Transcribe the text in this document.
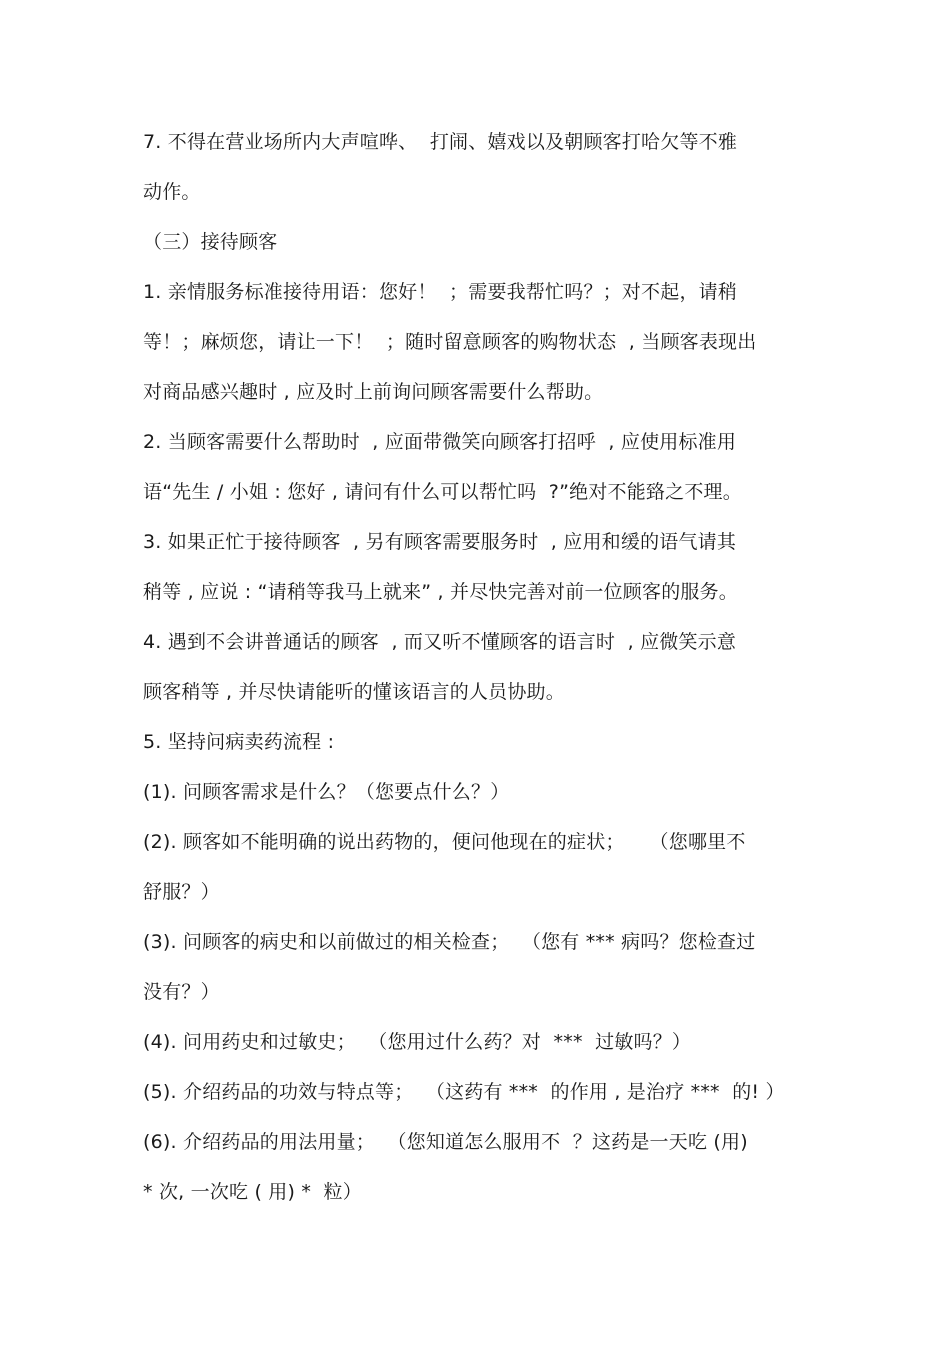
7. 不得在营业场所内大声喧哗、  打闹、嬉戏以及朝顾客打哈欠等不雅
动作。
（三）接待顾客
1. 亲情服务标准接待用语：您好！  ；需要我帮忙吗？；对不起，请稍
等！；麻烦您，请让一下！  ；随时留意顾客的购物状态  , 当顾客表现出
对商品感兴趣时 , 应及时上前询问顾客需要什么帮助。
2. 当顾客需要什么帮助时  , 应面带微笑向顾客打招呼  , 应使用标准用
语“先生 / 小姐 : 您好 , 请问有什么可以帮忙吗  ?”绝对不能臵之不理。
3. 如果正忙于接待顾客  , 另有顾客需要服务时  , 应用和缓的语气请其
稍等 , 应说 : “请稍等我马上就来” , 并尽快完善对前一位顾客的服务。
4. 遇到不会讲普通话的顾客  , 而又听不懂顾客的语言时  , 应微笑示意
顾客稍等 , 并尽快请能听的懂该语言的人员协助。
5. 坚持问病卖药流程 :
(1). 问顾客需求是什么？（您要点什么？）
(2). 顾客如不能明确的说出药物的，便问他现在的症状；    （您哪里不
舒服？）
(3). 问顾客的病史和以前做过的相关检查；  （您有 *** 病吗？您检查过
没有？）
(4). 问用药史和过敏史；  （您用过什么药？对  ***  过敏吗？）
(5). 介绍药品的功效与特点等；  （这药有 ***  的作用 , 是治疗 ***  的! ）
(6). 介绍药品的用法用量；  （您知道怎么服用不  ？这药是一天吃 (用)
* 次, 一次吃 ( 用) *  粒）
